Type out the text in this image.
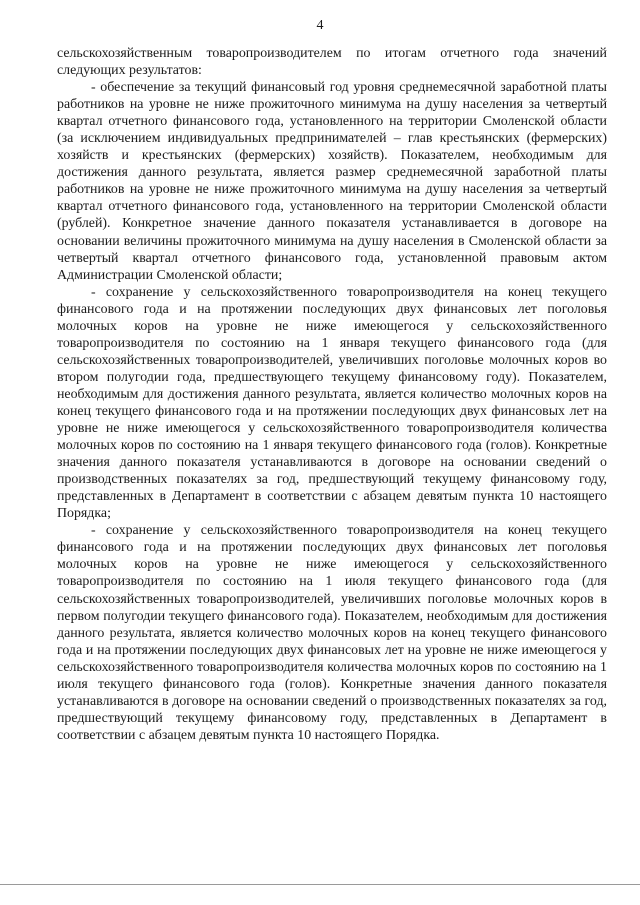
4

сельскохозяйственным товаропроизводителем по итогам отчетного года значений следующих результатов:

- обеспечение за текущий финансовый год уровня среднемесячной заработной платы работников на уровне не ниже прожиточного минимума на душу населения за четвертый квартал отчетного финансового года, установленного на территории Смоленской области (за исключением индивидуальных предпринимателей – глав крестьянских (фермерских) хозяйств и крестьянских (фермерских) хозяйств). Показателем, необходимым для достижения данного результата, является размер среднемесячной заработной платы работников на уровне не ниже прожиточного минимума на душу населения за четвертый квартал отчетного финансового года, установленного на территории Смоленской области (рублей). Конкретное значение данного показателя устанавливается в договоре на основании величины прожиточного минимума на душу населения в Смоленской области за четвертый квартал отчетного финансового года, установленной правовым актом Администрации Смоленской области;

- сохранение у сельскохозяйственного товаропроизводителя на конец текущего финансового года и на протяжении последующих двух финансовых лет поголовья молочных коров на уровне не ниже имеющегося у сельскохозяйственного товаропроизводителя по состоянию на 1 января текущего финансового года (для сельскохозяйственных товаропроизводителей, увеличивших поголовье молочных коров во втором полугодии года, предшествующего текущему финансовому году). Показателем, необходимым для достижения данного результата, является количество молочных коров на конец текущего финансового года и на протяжении последующих двух финансовых лет на уровне не ниже имеющегося у сельскохозяйственного товаропроизводителя количества молочных коров по состоянию на 1 января текущего финансового года (голов). Конкретные значения данного показателя устанавливаются в договоре на основании сведений о производственных показателях за год, предшествующий текущему финансовому году, представленных в Департамент в соответствии с абзацем девятым пункта 10 настоящего Порядка;

- сохранение у сельскохозяйственного товаропроизводителя на конец текущего финансового года и на протяжении последующих двух финансовых лет поголовья молочных коров на уровне не ниже имеющегося у сельскохозяйственного товаропроизводителя по состоянию на 1 июля текущего финансового года (для сельскохозяйственных товаропроизводителей, увеличивших поголовье молочных коров в первом полугодии текущего финансового года). Показателем, необходимым для достижения данного результата, является количество молочных коров на конец текущего финансового года и на протяжении последующих двух финансовых лет на уровне не ниже имеющегося у сельскохозяйственного товаропроизводителя количества молочных коров по состоянию на 1 июля текущего финансового года (голов). Конкретные значения данного показателя устанавливаются в договоре на основании сведений о производственных показателях за год, предшествующий текущему финансовому году, представленных в Департамент в соответствии с абзацем девятым пункта 10 настоящего Порядка.
